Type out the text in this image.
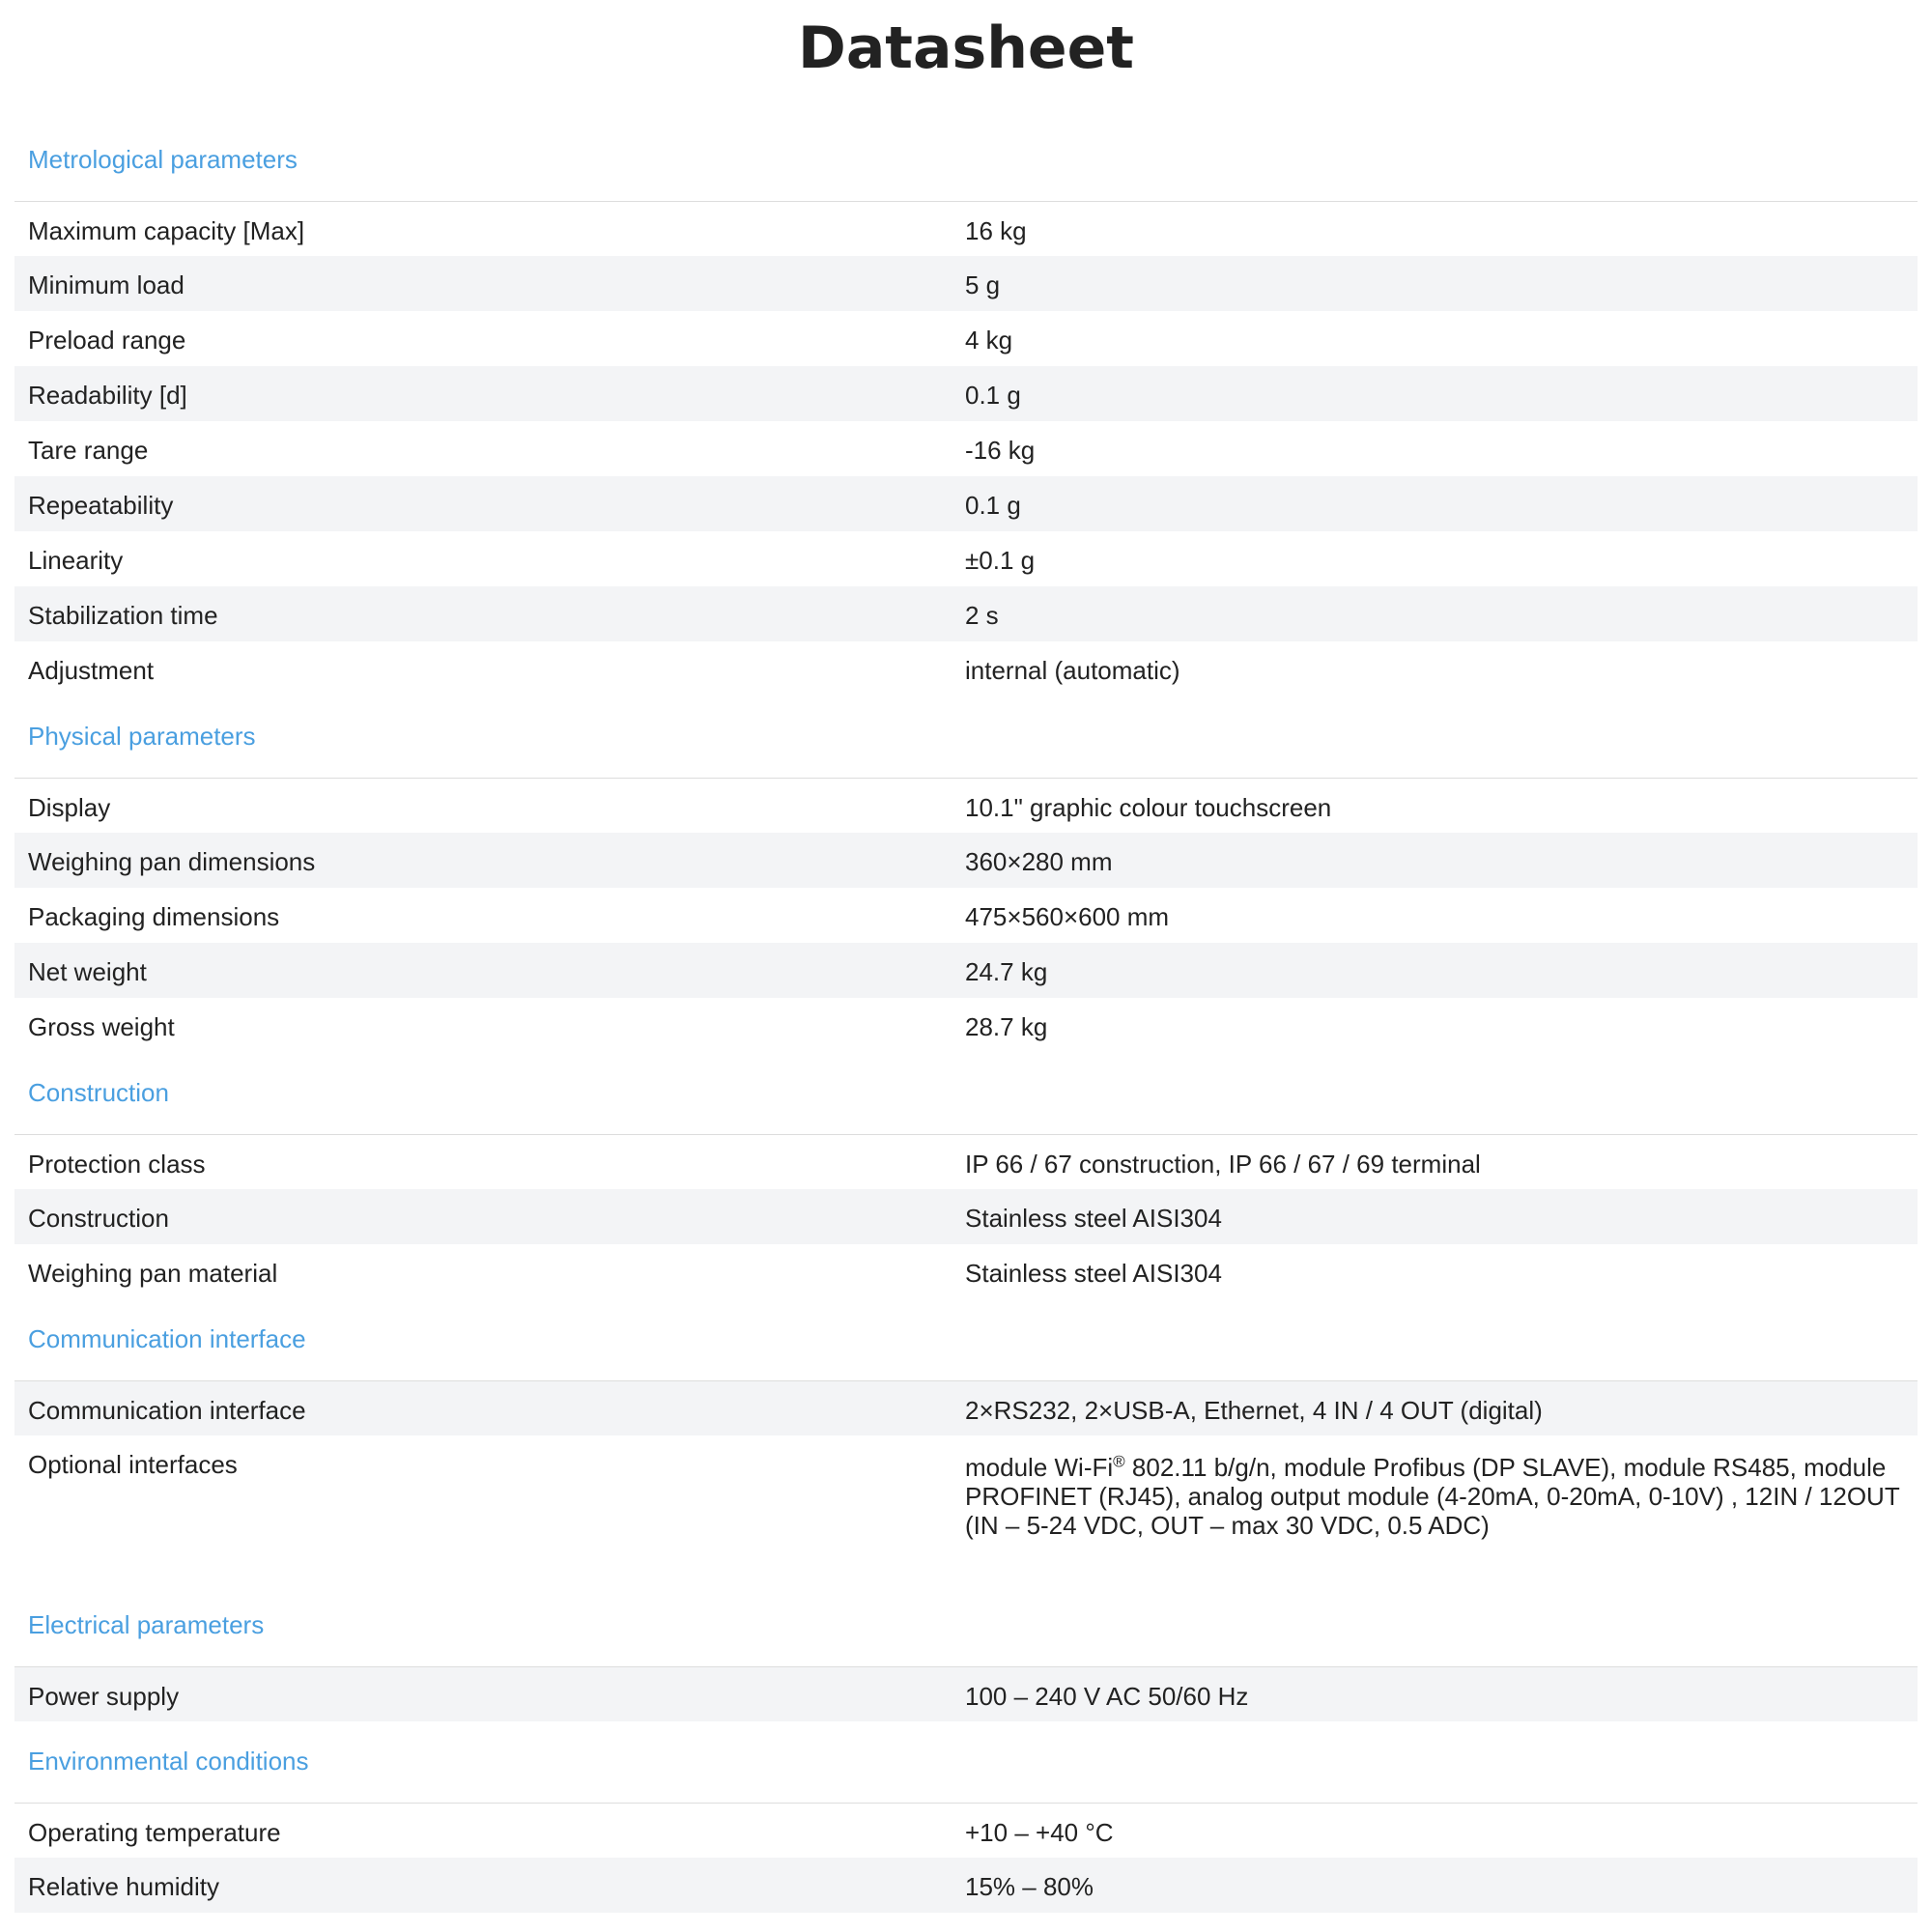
Datasheet
Metrological parameters
Maximum capacity [Max]	16 kg
Minimum load	5 g
Preload range	4 kg
Readability [d]	0.1 g
Tare range	-16 kg
Repeatability	0.1 g
Linearity	±0.1 g
Stabilization time	2 s
Adjustment	internal (automatic)
Physical parameters
Display	10.1" graphic colour touchscreen
Weighing pan dimensions	360×280 mm
Packaging dimensions	475×560×600 mm
Net weight	24.7 kg
Gross weight	28.7 kg
Construction
Protection class	IP 66 / 67 construction, IP 66 / 67 / 69 terminal
Construction	Stainless steel AISI304
Weighing pan material	Stainless steel AISI304
Communication interface
Communication interface	2×RS232, 2×USB-A, Ethernet, 4 IN / 4 OUT (digital)
Optional interfaces	module Wi-Fi® 802.11 b/g/n, module Profibus (DP SLAVE), module RS485, module PROFINET (RJ45), analog output module (4-20mA, 0-20mA, 0-10V) , 12IN / 12OUT (IN – 5-24 VDC, OUT – max 30 VDC, 0.5 ADC)
Electrical parameters
Power supply	100 – 240 V AC 50/60 Hz
Environmental conditions
Operating temperature	+10 – +40 °C
Relative humidity	15% – 80%
